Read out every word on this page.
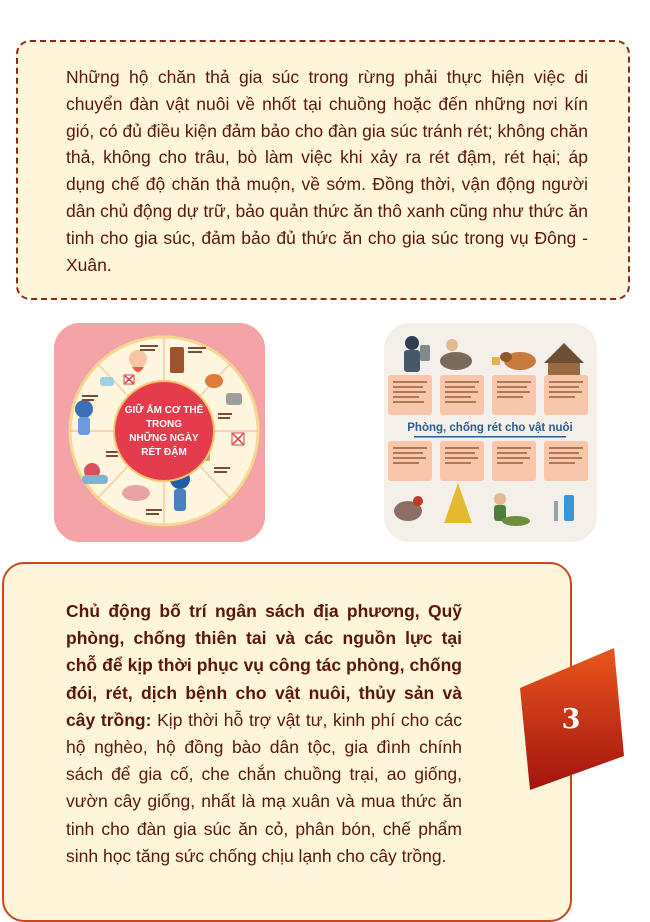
Những hộ chăn thả gia súc trong rừng phải thực hiện việc di chuyển đàn vật nuôi về nhốt tại chuồng hoặc đến những nơi kín gió, có đủ điều kiện đảm bảo cho đàn gia súc tránh rét; không chăn thả, không cho trâu, bò làm việc khi xảy ra rét đậm, rét hại; áp dụng chế độ chăn thả muộn, về sớm. Đồng thời, vận động người dân chủ động dự trữ, bảo quản thức ăn thô xanh cũng như thức ăn tinh cho gia súc, đảm bảo đủ thức ăn cho gia súc trong vụ Đông - Xuân.

GIỮ ẤM CƠ THỂ
TRONG
NHỮNG NGÀY
RÉT ĐẬM
Phòng, chống rét cho vật nuôi

Chủ động bố trí ngân sách địa phương, Quỹ phòng, chống thiên tai và các nguồn lực tại chỗ để kịp thời phục vụ công tác phòng, chống đói, rét, dịch bệnh cho vật nuôi, thủy sản và cây trồng: Kịp thời hỗ trợ vật tư, kinh phí cho các hộ nghèo, hộ đồng bào dân tộc, gia đình chính sách để gia cố, che chắn chuồng trại, ao giống, vườn cây giống, nhất là mạ xuân và mua thức ăn tinh cho đàn gia súc ăn cỏ, phân bón, chế phẩm sinh học tăng sức chống chịu lạnh cho cây trồng.

3
